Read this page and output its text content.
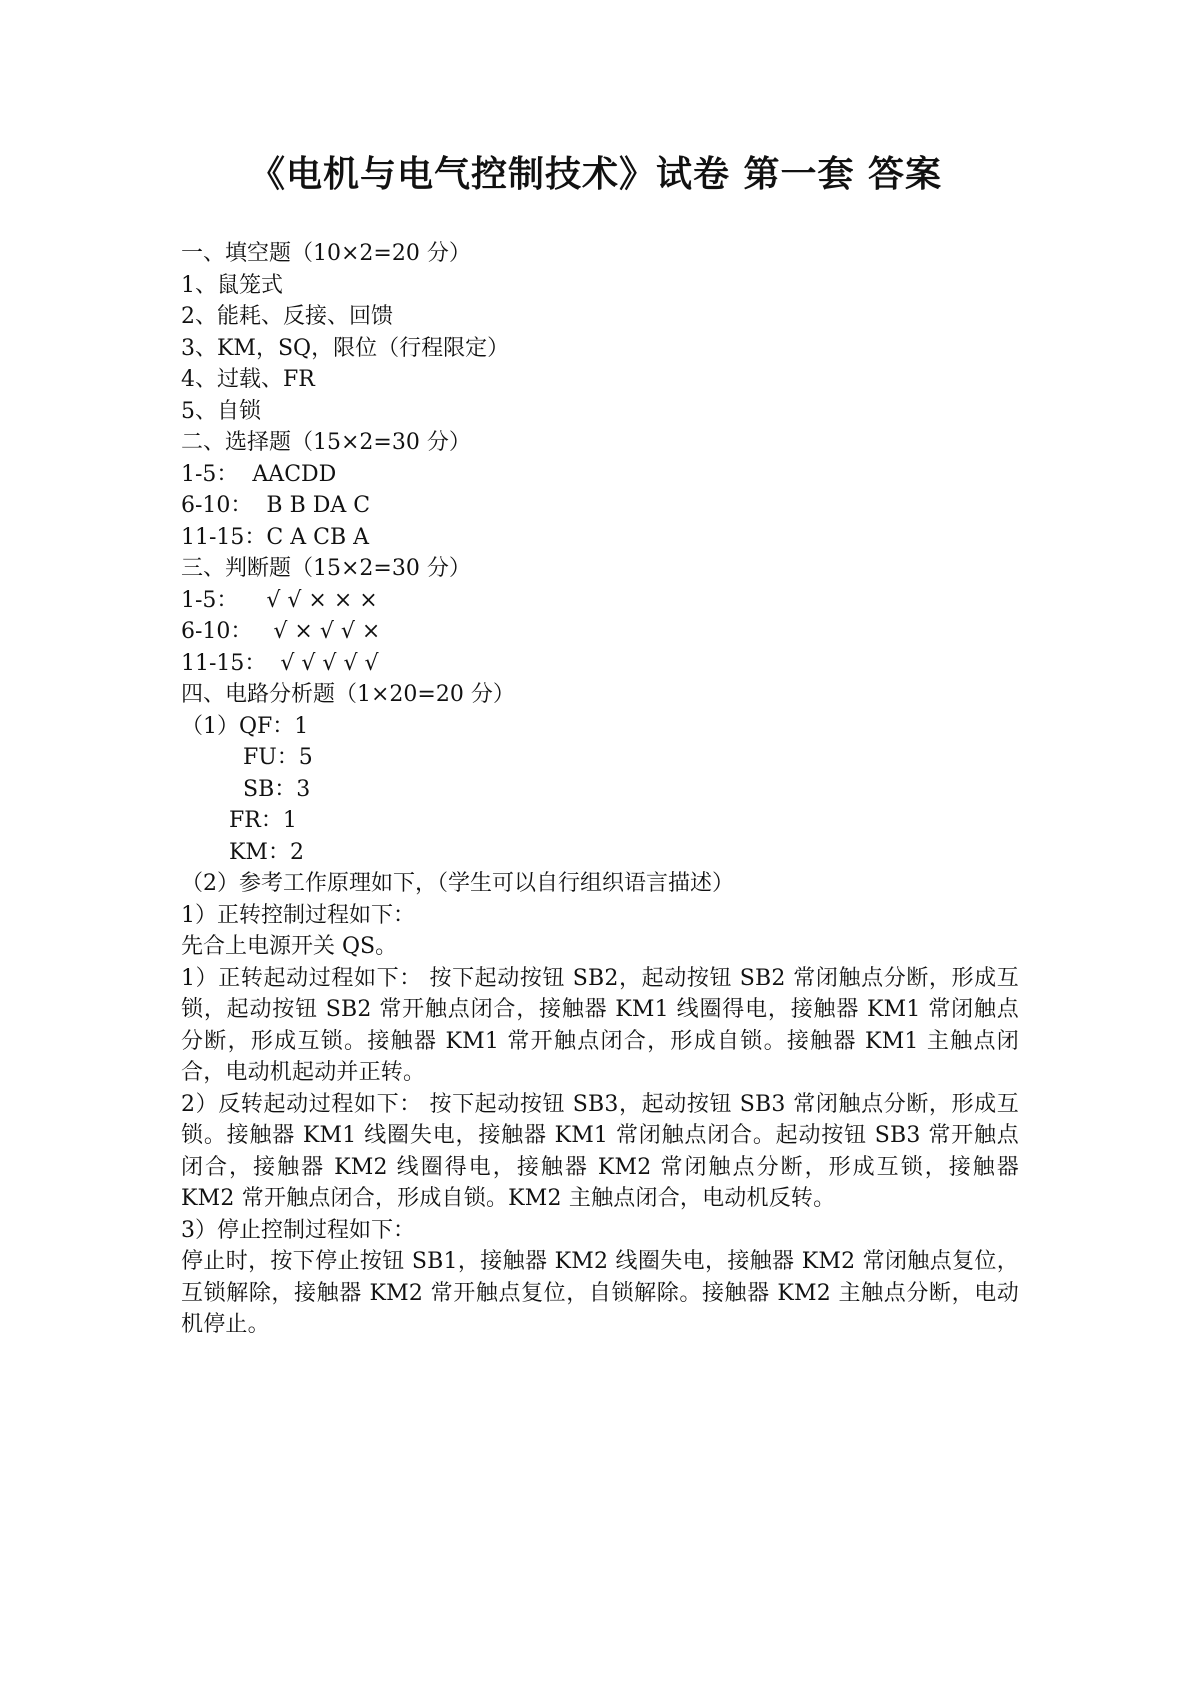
《电机与电气控制技术》试卷 第一套 答案
一、填空题（10×2=20 分）
1、鼠笼式
2、能耗、反接、回馈
3、KM，SQ，限位（行程限定）
4、过载、FR
5、自锁
二、选择题（15×2=30 分）
1-5：  AACDD
6-10：  B B DA C
11-15：C A CB A
三、判断题（15×2=30 分）
1-5：    √ √ × × ×
6-10：   √ × √ √ ×
11-15：  √ √ √ √ √
四、电路分析题（1×20=20 分）
（1）QF：1
FU：5
SB：3
FR：1
KM：2
（2）参考工作原理如下，（学生可以自行组织语言描述）
1）正转控制过程如下：
先合上电源开关 QS。
1）正转起动过程如下： 按下起动按钮 SB2，起动按钮 SB2 常闭触点分断，形成互锁，起动按钮 SB2 常开触点闭合，接触器 KM1 线圈得电，接触器 KM1 常闭触点分断，形成互锁。接触器 KM1 常开触点闭合，形成自锁。接触器 KM1 主触点闭合，电动机起动并正转。
2）反转起动过程如下： 按下起动按钮 SB3，起动按钮 SB3 常闭触点分断，形成互锁。接触器 KM1 线圈失电，接触器 KM1 常闭触点闭合。起动按钮 SB3 常开触点闭合，接触器 KM2 线圈得电，接触器 KM2 常闭触点分断，形成互锁，接触器 KM2 常开触点闭合，形成自锁。KM2 主触点闭合，电动机反转。
3）停止控制过程如下：
停止时，按下停止按钮 SB1，接触器 KM2 线圈失电，接触器 KM2 常闭触点复位，互锁解除，接触器 KM2 常开触点复位，自锁解除。接触器 KM2 主触点分断，电动机停止。
